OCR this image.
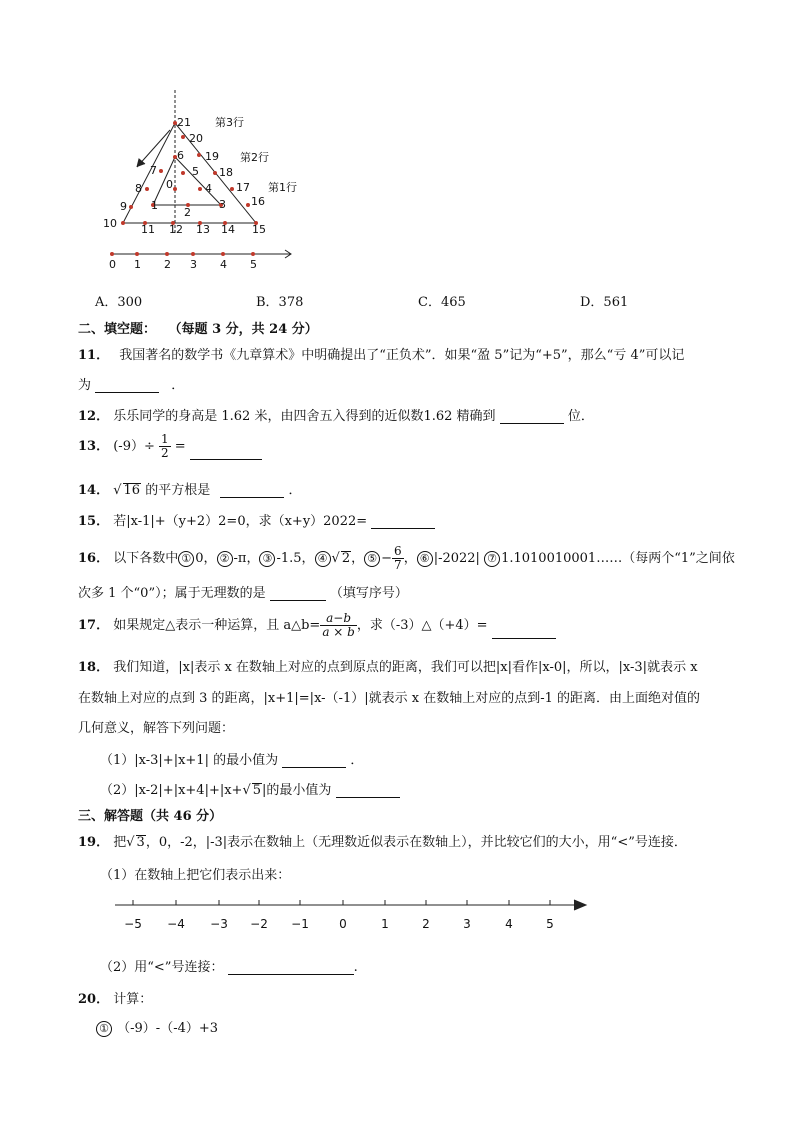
第3行
第2行
第1行
21
20
19
18
17
16
15
14
13
12
11
10
9
8
7
6
5
4
3
2
1
0
0 1 2 3 4 5
A．300	B．378	C．465	D．561
二、填空题： （每题 3 分，共 24 分）
11． 我国著名的数学书《九章算术》中明确提出了“正负术”．如果“盈 5”记为“+5”，那么“亏 4”可以记
为	．
12． 乐乐同学的身高是 1.62 米，由四舍五入得到的近似数1.62 精确到	位．
13． $(-9)\div \frac{1}{2}$ =
14． √ 16 的平方根是	．
15． 若|x-1|+（y+2）2=0，求（x+y）2022=
16． 以下各数中 ① 0， ② -π， ③ -1.5， ④ √ 2， ⑤ − $\frac{6}{7}$ ， ⑥ |-2022| ⑦ 1.1010010001……（每两个“1”之间依
次多 1 个“0”）；属于无理数的是	（填写序号）
17． 如果规定△表示一种运算，且 a△b= $\frac{a-b}{a \times b}$ ，求（-3）△（+4）=
18． 我们知道，|x|表示 x 在数轴上对应的点到原点的距离，我们可以把|x|看作|x-0|，所以，|x-3|就表示 x
在数轴上对应的点到 3 的距离，|x+1|=|x-（-1）|就表示 x 在数轴上对应的点到-1 的距离．由上面绝对值的
几何意义，解答下列问题：
（1）|x-3|+|x+1| 的最小值为	．
（2）|x-2|+|x+4|+|x+√ 5|的最小值为
三、解答题（共 46 分）
19． 把√ 3，0，-2，|-3|表示在数轴上（无理数近似表示在数轴上），并比较它们的大小，用“<”号连接．
（1）在数轴上把它们表示出来：
−5 −4 −3 −2 −1	0	1	2	3	4	5
（2）用“<”号连接：	.
20． 计算：
① （-9）-（-4）+3
